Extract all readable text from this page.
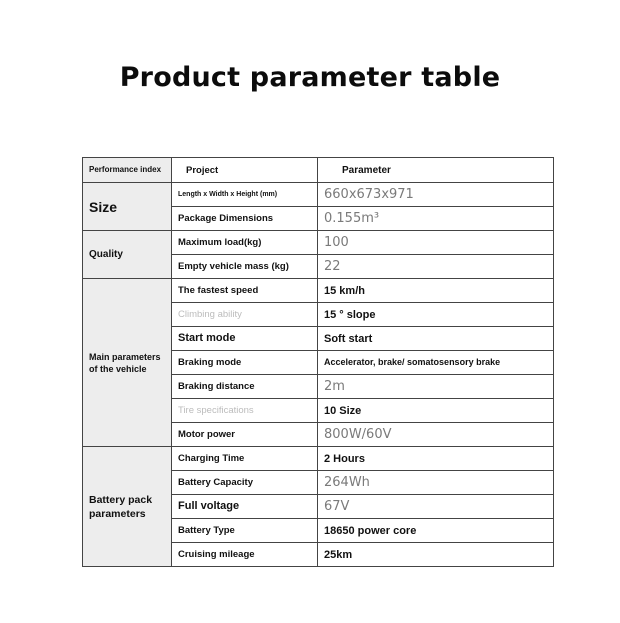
Product parameter table
Performance index	Project	Parameter
Size	Length x Width x Height (mm)	660x673x971
	Package Dimensions	0.155m³
Quality	Maximum load(kg)	100
	Empty vehicle mass (kg)	22
Main parameters of the vehicle	The fastest speed	15 km/h
	Climbing ability	15 ° slope
	Start mode	Soft start
	Braking mode	Accelerator, brake/ somatosensory brake
	Braking distance	2m
	Tire specifications	10 Size
	Motor power	800W/60V
Battery pack parameters	Charging Time	2 Hours
	Battery Capacity	264Wh
	Full voltage	67V
	Battery Type	18650 power core
	Cruising mileage	25km
